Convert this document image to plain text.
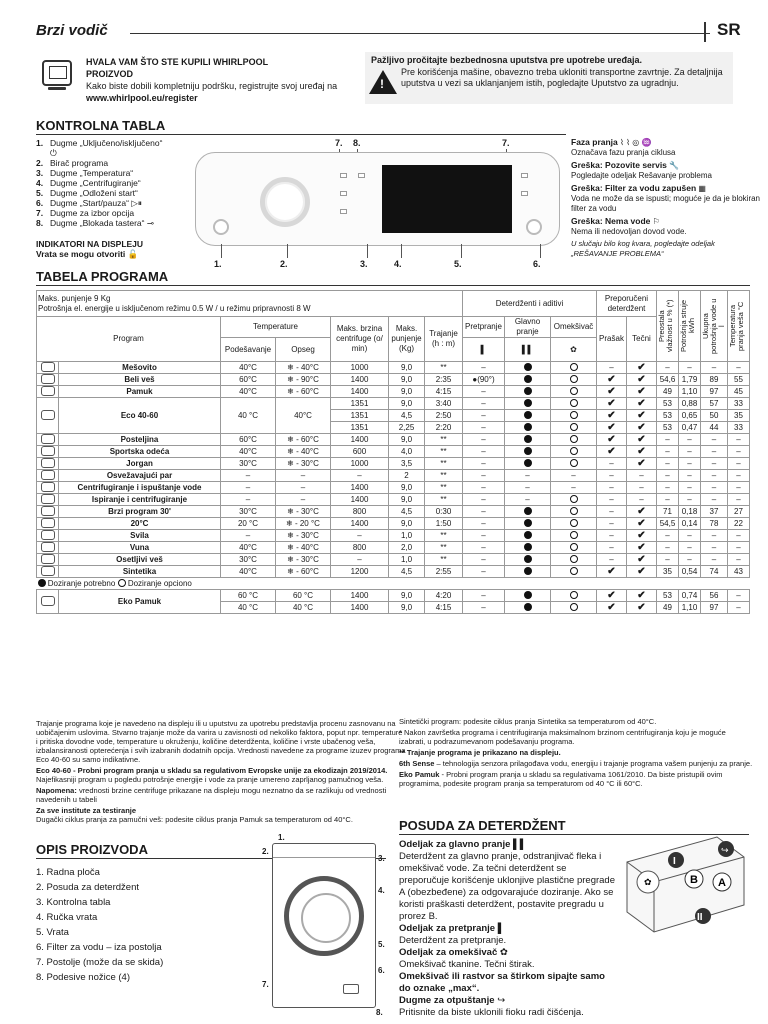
Brzi vodič	SR
HVALA VAM ŠTO STE KUPILI WHIRLPOOL
PROIZVOD
Kako biste dobili kompletniju podršku, registrujte svoj uređaj na www.whirlpool.eu/register
Pažljivo pročitajte bezbednosna uputstva pre upotrebe uređaja.
!
Pre korišćenja mašine, obavezno treba ukloniti transportne zavrtnje. Za detaljnija uputstva u vezi sa uklanjanjem istih, pogledajte Uputstvo za ugradnju.
KONTROLNA TABLA
1. Dugme „Uključeno/isključeno“
⏻
2. Birač programa
3. Dugme „Temperatura“
4. Dugme „Centrifugiranje“
5. Dugme „Odloženi start“
6. Dugme „Start/pauza“ ▷⏸
7. Dugme za izbor opcija
8. Dugme „Blokada tastera“ ⊸
INDIKATORI NA DISPLEJU
Vrata se mogu otvoriti 🔓
7. 8.	7.
1.	2.	3.	4.	5.	6.
Faza pranja ⌇ ⌇ ◎ ♒
Označava fazu pranja ciklusa
Greška: Pozovite servis 🔧
Pogledajte odeljak Rešavanje problema
Greška: Filter za vodu zapušen ▦
Voda ne može da se ispusti; moguće je da je blokiran filter za vodu
Greška: Nema vode ⚐
Nema ili nedovoljan dovod vode.
U slučaju bilo kog kvara, pogledajte odeljak „REŠAVANJE PROBLEMA“
TABELA PROGRAMA
Maks. punjenje 9 Kg
Potrošnja el. energije u isključenom režimu 0.5 W / u režimu pripravnosti 8 W							Deterdženti i aditivi			Preporučeni deterdžent		Preostala vlažnost u % (*)	Potrošnja struje kWh	Ukupna potrošnja vode u l	Temperatura pranja veša °C

Program		Temperature		Maks. brzina centrifuge (o/ min)	Maks. punjenje (Kg)	Trajanje (h : m)	Pretpranje	Glavno pranje	Omekšivač	Prašak	Tečni				
		Podešavanje	Opseg				▌	▌▌	✿						
	Mešovito	40°C	❄ - 40°C	1000	9,0	**	–			–	✔	–	–	–	–
	Beli veš	60°C	❄ - 90°C	1400	9,0	2:35	●(90°)			✔	✔	54,6	1,79	89	55
	Pamuk	40°C	❄ - 60°C	1400	9,0	4:15	–			✔	✔	49	1,10	97	45
	Eco 40-60	40 °C	40°C	1351	9,0	3:40	–			✔	✔	53	0,88	57	33
				1351	4,5	2:50	–			✔	✔	53	0,65	50	35
				1351	2,25	2:20	–			✔	✔	53	0,47	44	33
	Posteljina	60°C	❄ - 60°C	1400	9,0	**	–			✔	✔	–	–	–	–
	Sportska odeća	40°C	❄ - 40°C	600	4,0	**	–			✔	✔	–	–	–	–
	Jorgan	30°C	❄ - 30°C	1000	3,5	**	–			–	✔	–	–	–	–
	Osvežavajući par	–	–	–	2	**	–	–	–	–	–	–	–	–	–
	Centrifugiranje i ispuštanje vode	–	–	1400	9,0	**	–	–	–	–	–	–	–	–	–
	Ispiranje i centrifugiranje	–	–	1400	9,0	**	–	–		–	–	–	–	–	–
	Brzi program 30'	30°C	❄ - 30°C	800	4,5	0:30	–			–	✔	71	0,18	37	27
	20°C	20 °C	❄ - 20 °C	1400	9,0	1:50	–			–	✔	54,5	0,14	78	22
	Svila	–	❄ - 30°C	–	1,0	**	–			–	✔	–	–	–	–
	Vuna	40°C	❄ - 40°C	800	2,0	**	–			–	✔	–	–	–	–
	Osetljivi veš	30°C	❄ - 30°C	–	1,0	**	–			–	✔	–	–	–	–
	Sintetika	40°C	❄ - 60°C	1200	4,5	2:55	–			✔	✔	35	0,54	74	43
Doziranje potrebno Doziranje opciono															
	Eko Pamuk	60 °C	60 °C	1400	9,0	4:20	–			✔	✔	53	0,74	56	–
		40 °C	40 °C	1400	9,0	4:15	–			✔	✔	49	1,10	97	–

Trajanje programa koje je navedeno na displeju ili u uputstvu za upotrebu predstavlja procenu zasnovanu na uobičajenim uslovima. Stvarno trajanje može da varira u zavisnosti od nekoliko faktora, poput npr. temperature i pritiska dovodne vode, temperature u okruženju, količine deterdženta, količine i vrste ubačenog veša, izbalansiranosti opterećenja i svih izabranih dodatnih opcija. Vrednosti navedene za programe izuzev programa Eco 40-60 su samo indikativne.

Eco 40-60 - Probni program pranja u skladu sa regulativom Evropske unije za ekodizajn 2019/2014. Najefikasniji program u pogledu potrošnje energije i vode za pranje umereno zaprljanog pamučnog veša.

Napomena: vrednosti brzine centrifuge prikazane na displeju mogu neznatno da se razlikuju od vrednosti navedenih u tabeli

Za sve institute za testiranje
Dugački ciklus pranja za pamučni veš: podesite ciklus pranja Pamuk sa temperaturom od 40°C.

Sintetički program: podesite ciklus pranja Sintetika sa temperaturom od 40°C.

* Nakon završetka programa i centrifugiranja maksimalnom brzinom centrifugiranja koju je moguće izabrati, u podrazumevanom podešavanju programa.

** Trajanje programa je prikazano na displeju.

6th Sense – tehnologija senzora prilagođava vodu, energiju i trajanje programa vašem punjenju za pranje.

Eko Pamuk - Probni program pranja u skladu sa regulativama 1061/2010. Da biste pristupili ovim programima, podesite program pranja sa temperaturom od 40 °C ili 60°C.

OPIS PROIZVODA
1. Radna ploča
2. Posuda za deterdžent
3. Kontrolna tabla
4. Ručka vrata
5. Vrata
6. Filter za vodu – iza postolja
7. Postolje (može da se skida)
8. Podesive nožice (4)
1.
2.
3.
4.
5.
6.
7.
8.
POSUDA ZA DETERDŽENT
Odeljak za glavno pranje ▌▌
Deterdžent za glavno pranje, odstranjivač fleka i omekšivač vode. Za tečni deterdžent se preporučuje korišćenje uklonjive plastične pregrade A (obezbeđene) za odgovarajuće doziranje. Ako se koristi praškasti deterdžent, postavite pregradu u prorez B.
Odeljak za pretpranje ▌
Deterdžent za pretpranje.
Odeljak za omekšivač ✿
Omekšivač tkanine. Tečni štirak.
Omekšivač ili rastvor sa štirkom sipajte samo do oznake „max“.
Dugme za otpuštanje ↪
Pritisnite da biste uklonili fioku radi čišćenja.
✿
I
II
B A
↪
